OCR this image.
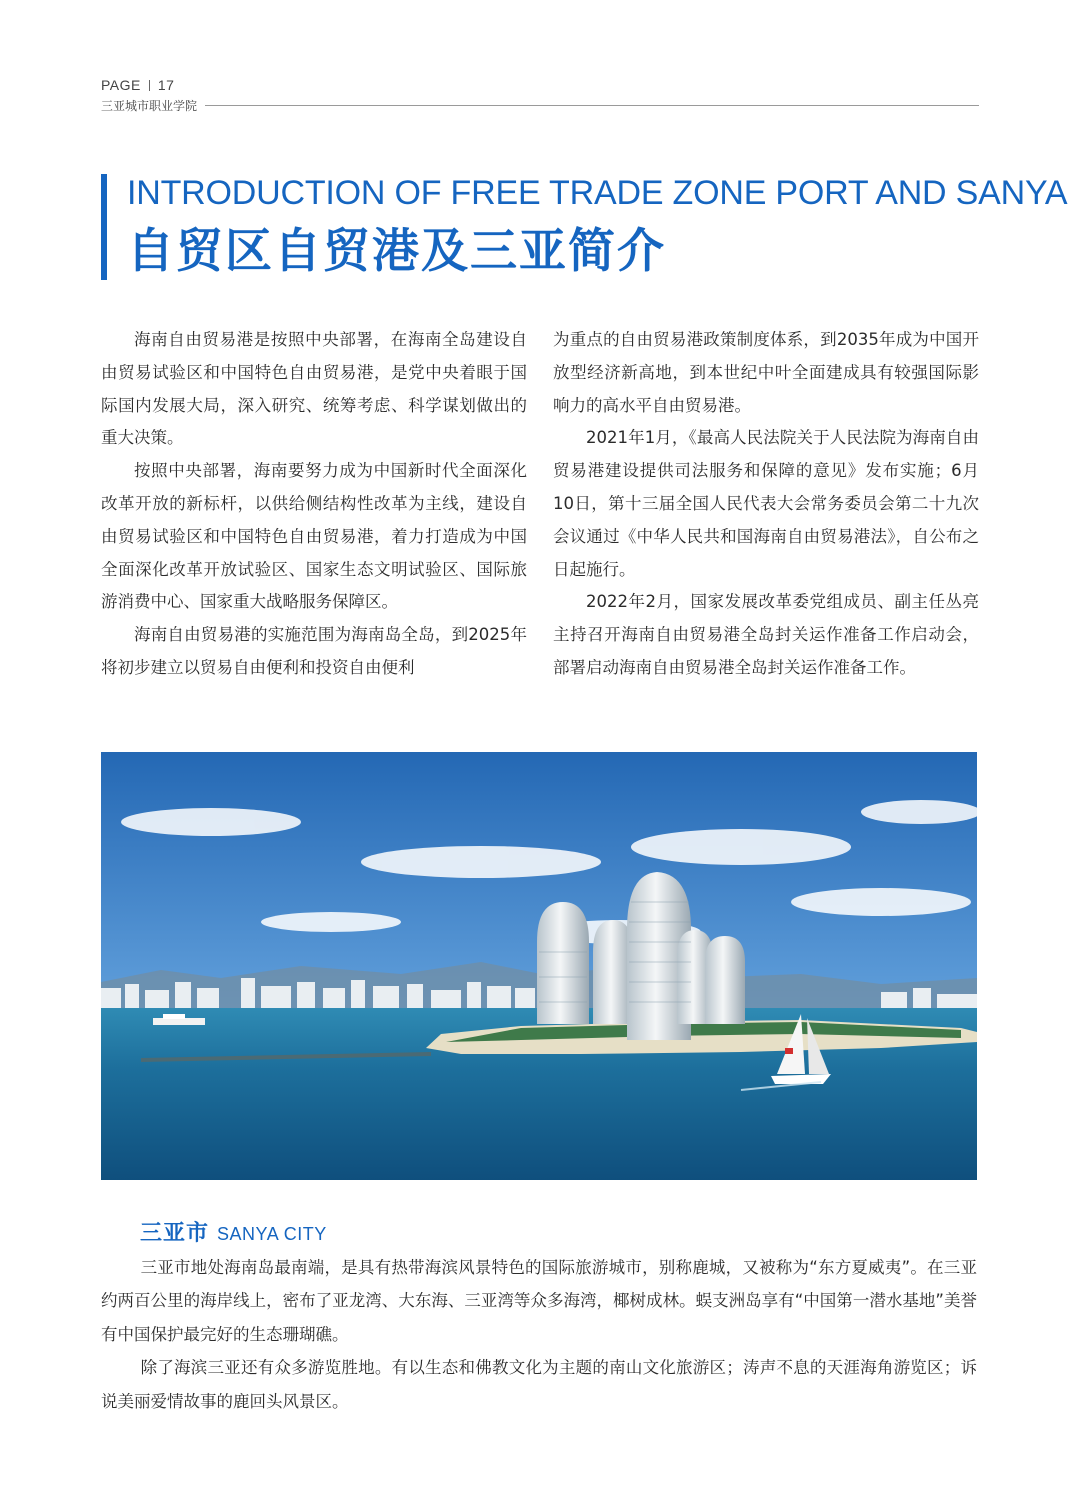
PAGE 17
三亚城市职业学院
INTRODUCTION OF FREE TRADE ZONE PORT AND SANYA
自贸区自贸港及三亚简介

海南自由贸易港是按照中央部署，在海南全岛建设自由贸易试验区和中国特色自由贸易港，是党中央着眼于国际国内发展大局，深入研究、统筹考虑、科学谋划做出的重大决策。

按照中央部署，海南要努力成为中国新时代全面深化改革开放的新标杆，以供给侧结构性改革为主线，建设自由贸易试验区和中国特色自由贸易港，着力打造成为中国全面深化改革开放试验区、国家生态文明试验区、国际旅游消费中心、国家重大战略服务保障区。

海南自由贸易港的实施范围为海南岛全岛，到2025年将初步建立以贸易自由便利和投资自由便利

为重点的自由贸易港政策制度体系，到2035年成为中国开放型经济新高地，到本世纪中叶全面建成具有较强国际影响力的高水平自由贸易港。

2021年1月，《最高人民法院关于人民法院为海南自由贸易港建设提供司法服务和保障的意见》发布实施；6月10日，第十三届全国人民代表大会常务委员会第二十九次会议通过《中华人民共和国海南自由贸易港法》，自公布之日起施行。

2022年2月，国家发展改革委党组成员、副主任丛亮主持召开海南自由贸易港全岛封关运作准备工作启动会，部署启动海南自由贸易港全岛封关运作准备工作。

三亚市 SANYA CITY

三亚市地处海南岛最南端，是具有热带海滨风景特色的国际旅游城市，别称鹿城，又被称为“东方夏威夷”。在三亚约两百公里的海岸线上，密布了亚龙湾、大东海、三亚湾等众多海湾，椰树成林。蜈支洲岛享有“中国第一潜水基地”美誉有中国保护最完好的生态珊瑚礁。

除了海滨三亚还有众多游览胜地。有以生态和佛教文化为主题的南山文化旅游区；涛声不息的天涯海角游览区；诉说美丽爱情故事的鹿回头风景区。
